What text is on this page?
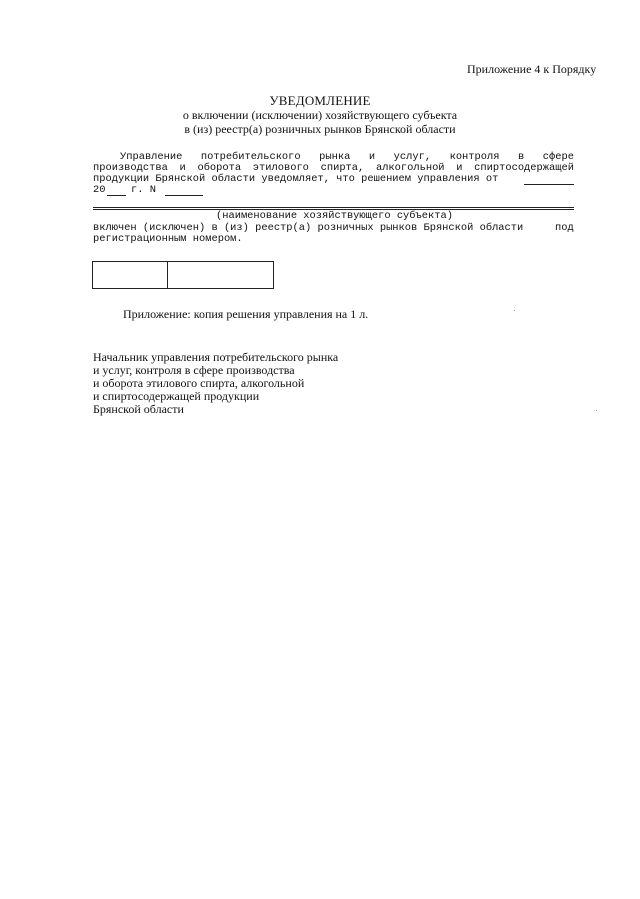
Приложение 4 к Порядку
УВЕДОМЛЕНИЕ
о включении (исключении) хозяйствующего субъекта
в (из) реестр(а) розничных рынков Брянской области
Управление потребительского рынка и услуг, контроля в сфере
производства и оборота этилового спирта, алкогольной и спиртосодержащей
продукции Брянской области уведомляет, что решением управления от
20 г. N
(наименование хозяйствующего субъекта)
включен (исключен) в (из) реестр(а) розничных рынков Брянской области	под
регистрационным номером.
Приложение: копия решения управления на 1 л.
Начальник управления потребительского рынка
и услуг, контроля в сфере производства
и оборота этилового спирта, алкогольной
и спиртосодержащей продукции
Брянской области
